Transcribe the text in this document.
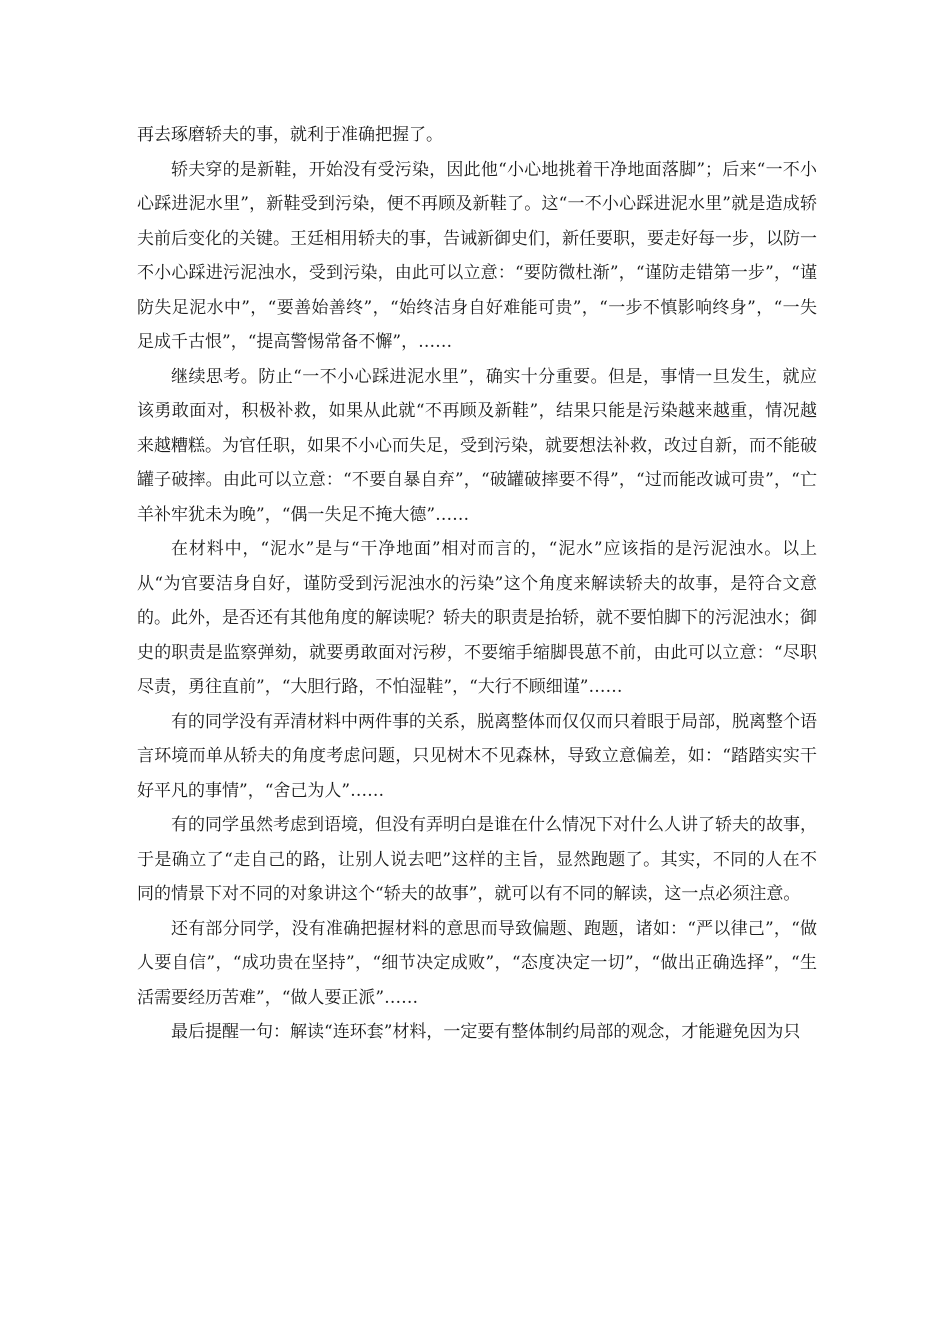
再去琢磨轿夫的事，就利于准确把握了。

轿夫穿的是新鞋，开始没有受污染，因此他“小心地挑着干净地面落脚”；后来“一不小心踩进泥水里”，新鞋受到污染，便不再顾及新鞋了。这“一不小心踩进泥水里”就是造成轿夫前后变化的关键。王廷相用轿夫的事，告诫新御史们，新任要职，要走好每一步，以防一不小心踩进污泥浊水，受到污染，由此可以立意：“要防微杜渐”，“谨防走错第一步”，“谨防失足泥水中”，“要善始善终”，“始终洁身自好难能可贵”，“一步不慎影响终身”，“一失足成千古恨”，“提高警惕常备不懈”，……

继续思考。防止“一不小心踩进泥水里”，确实十分重要。但是，事情一旦发生，就应该勇敢面对，积极补救，如果从此就“不再顾及新鞋”，结果只能是污染越来越重，情况越来越糟糕。为官任职，如果不小心而失足，受到污染，就要想法补救，改过自新，而不能破罐子破摔。由此可以立意：“不要自暴自弃”，“破罐破摔要不得”，“过而能改诚可贵”，“亡羊补牢犹未为晚”，“偶一失足不掩大德”……

在材料中，“泥水”是与“干净地面”相对而言的，“泥水”应该指的是污泥浊水。以上从“为官要洁身自好，谨防受到污泥浊水的污染”这个角度来解读轿夫的故事，是符合文意的。此外，是否还有其他角度的解读呢？轿夫的职责是抬轿，就不要怕脚下的污泥浊水；御史的职责是监察弹劾，就要勇敢面对污秽，不要缩手缩脚畏葸不前，由此可以立意：“尽职尽责，勇往直前”，“大胆行路，不怕湿鞋”，“大行不顾细谨”……

有的同学没有弄清材料中两件事的关系，脱离整体而仅仅而只着眼于局部，脱离整个语言环境而单从轿夫的角度考虑问题，只见树木不见森林，导致立意偏差，如：“踏踏实实干好平凡的事情”，“舍己为人”……

有的同学虽然考虑到语境，但没有弄明白是谁在什么情况下对什么人讲了轿夫的故事，于是确立了“走自己的路，让别人说去吧”这样的主旨，显然跑题了。其实，不同的人在不同的情景下对不同的对象讲这个“轿夫的故事”，就可以有不同的解读，这一点必须注意。

还有部分同学，没有准确把握材料的意思而导致偏题、跑题，诸如：“严以律己”，“做人要自信”，“成功贵在坚持”，“细节决定成败”，“态度决定一切”，“做出正确选择”，“生活需要经历苦难”，“做人要正派”……

最后提醒一句：解读“连环套”材料，一定要有整体制约局部的观念，才能避免因为只
